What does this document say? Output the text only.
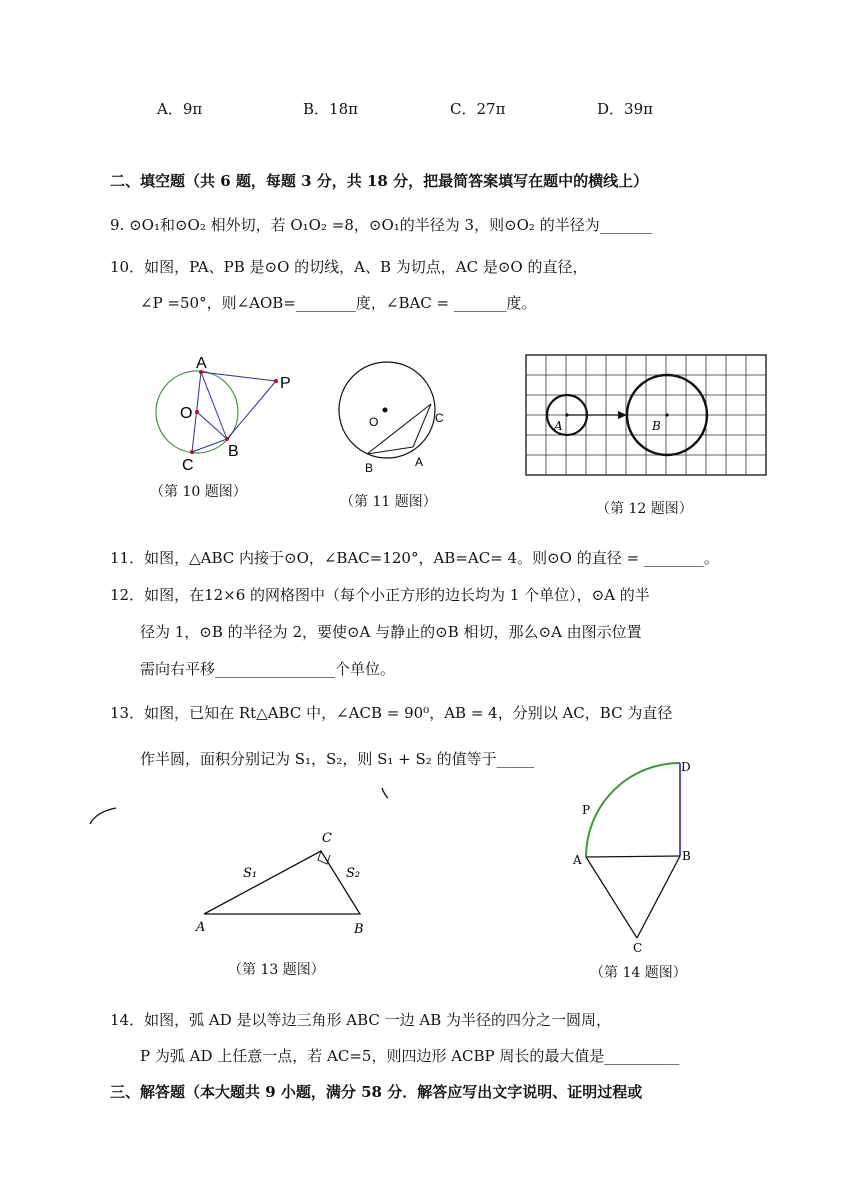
A．9π	B．18π	C．27π	D．39π
二、填空题（共 6 题，每题 3 分，共 18 分，把最简答案填写在题中的横线上）
9. ⊙O₁和⊙O₂ 相外切，若 O₁O₂ =8，⊙O₁的半径为 3，则⊙O₂ 的半径为_______
10．如图，PA、PB 是⊙O 的切线，A、B 为切点，AC 是⊙O 的直径，
∠P =50°，则∠AOB=________度，∠BAC = _______度。
A
P
O
B
C
（第 10 题图）
O	C
B	A
（第 11 题图）
A	B
（第 12 题图）
11．如图，△ABC 内接于⊙O，∠BAC=120°，AB=AC= 4。则⊙O 的直径 = ________。
12．如图，在12×6 的网格图中（每个小正方形的边长均为 1 个单位），⊙A 的半
径为 1，⊙B 的半径为 2，要使⊙A 与静止的⊙B 相切，那么⊙A 由图示位置
需向右平移________________个单位。
13．如图，已知在 Rt△ABC 中，∠ACB = 90⁰，AB = 4，分别以 AC，BC 为直径
作半圆，面积分别记为 S₁，S₂，则 S₁ + S₂ 的值等于_____
C
A	B
S₁	S₂
（第 13 题图）
D
P
A	B
C
（第 14 题图）
14．如图，弧 AD 是以等边三角形 ABC 一边 AB 为半径的四分之一圆周，
P 为弧 AD 上任意一点，若 AC=5，则四边形 ACBP 周长的最大值是__________
三、解答题（本大题共 9 小题，满分 58 分．解答应写出文字说明、证明过程或
